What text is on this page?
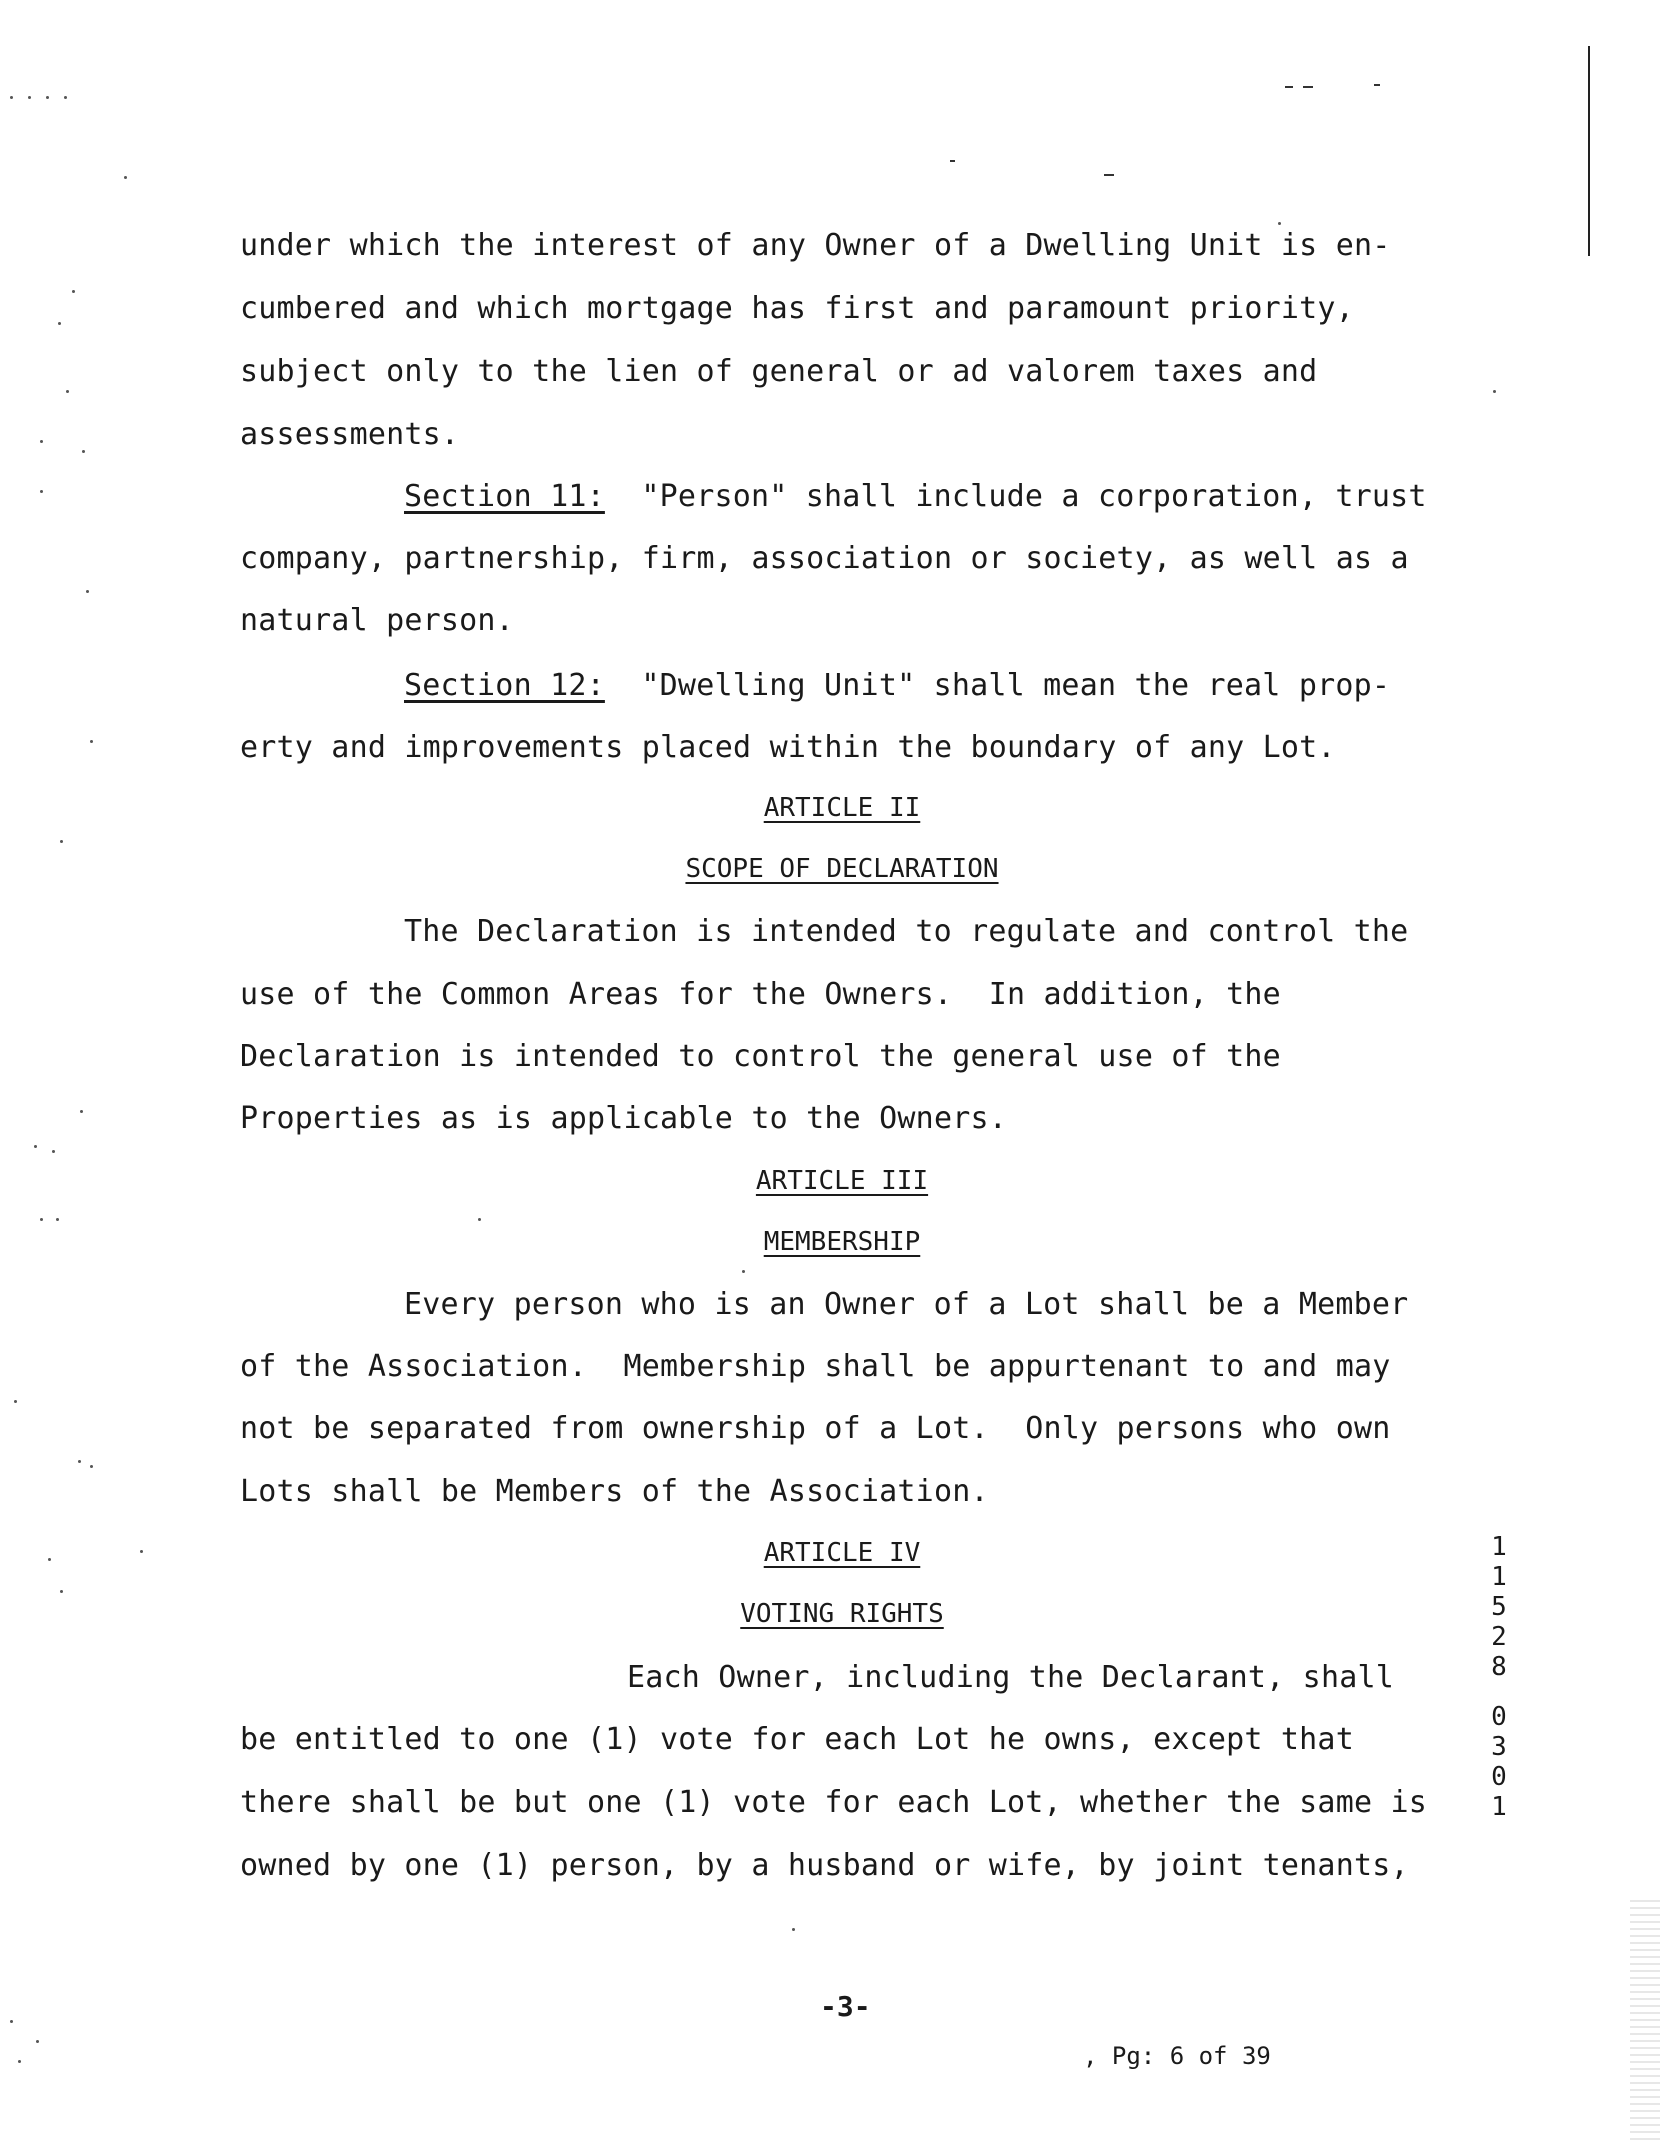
under which the interest of any Owner of a Dwelling Unit is en-
cumbered and which mortgage has first and paramount priority,
subject only to the lien of general or ad valorem taxes and
assessments.
Section 11:  "Person" shall include a corporation, trust
company, partnership, firm, association or society, as well as a
natural person.
Section 12:  "Dwelling Unit" shall mean the real prop-
erty and improvements placed within the boundary of any Lot.
ARTICLE II
SCOPE OF DECLARATION
The Declaration is intended to regulate and control the
use of the Common Areas for the Owners.  In addition, the
Declaration is intended to control the general use of the
Properties as is applicable to the Owners.
ARTICLE III
MEMBERSHIP
Every person who is an Owner of a Lot shall be a Member
of the Association.  Membership shall be appurtenant to and may
not be separated from ownership of a Lot.  Only persons who own
Lots shall be Members of the Association.
ARTICLE IV
VOTING RIGHTS
Each Owner, including the Declarant, shall
be entitled to one (1) vote for each Lot he owns, except that
there shall be but one (1) vote for each Lot, whether the same is
owned by one (1) person, by a husband or wife, by joint tenants,
11528
0301
-3-
, Pg: 6 of 39
